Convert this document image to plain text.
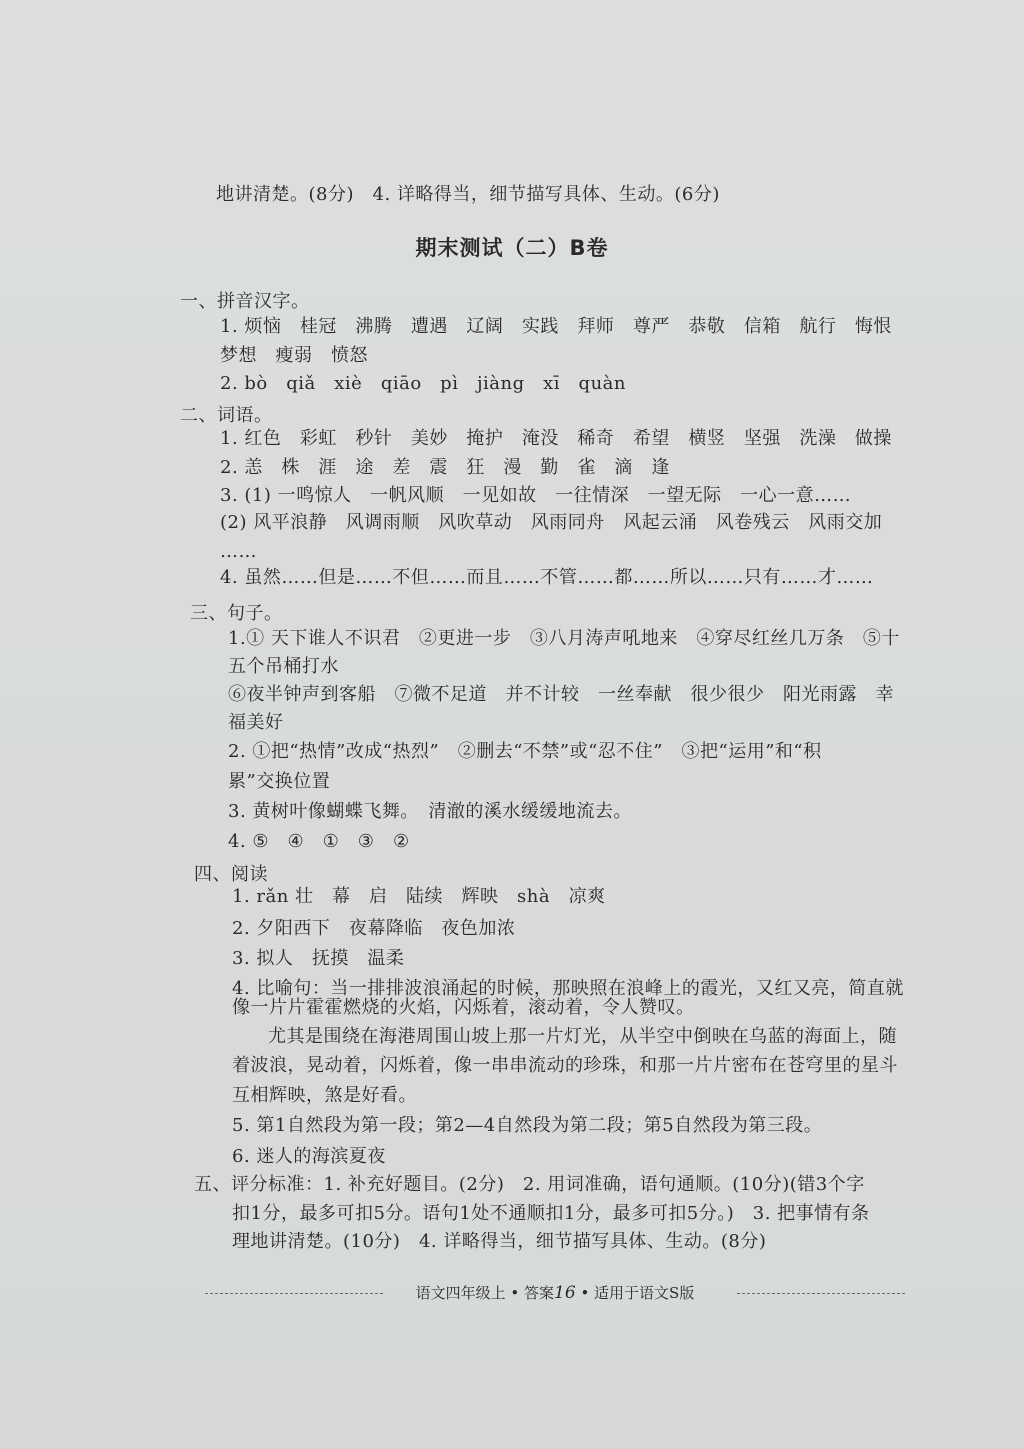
地讲清楚。(8分)　4. 详略得当，细节描写具体、生动。(6分)
期末测试（二）B卷
一、拼音汉字。
1. 烦恼　桂冠　沸腾　遭遇　辽阔　实践　拜师　尊严　恭敬　信箱　航行　悔恨
梦想　瘦弱　愤怒
2. bò　qiǎ　xiè　qiāo　pì　jiàng　xī　quàn
二、词语。
1. 红色　彩虹　秒针　美妙　掩护　淹没　稀奇　希望　横竖　坚强　洗澡　做操
2. 恙　株　涯　途　差　震　狂　漫　勤　雀　滴　逢
3. (1) 一鸣惊人　一帆风顺　一见如故　一往情深　一望无际　一心一意……
(2) 风平浪静　风调雨顺　风吹草动　风雨同舟　风起云涌　风卷残云　风雨交加
……
4. 虽然……但是……不但……而且……不管……都……所以……只有……才……
三、句子。
1.① 天下谁人不识君　②更进一步　③八月涛声吼地来　④穿尽红丝几万条　⑤十
五个吊桶打水
⑥夜半钟声到客船　⑦微不足道　并不计较　一丝奉献　很少很少　阳光雨露　幸
福美好
2. ①把“热情”改成“热烈”　②删去“不禁”或“忍不住”　③把“运用”和“积
累”交换位置
3. 黄树叶像蝴蝶飞舞。　清澈的溪水缓缓地流去。
4. ⑤　④　①　③　②
四、阅读
1. rǎn 壮　幕　启　陆续　辉映　shà　凉爽
2. 夕阳西下　夜幕降临　夜色加浓
3. 拟人　抚摸　温柔
4. 比喻句：当一排排波浪涌起的时候，那映照在浪峰上的霞光，又红又亮，简直就
像一片片霍霍燃烧的火焰，闪烁着，滚动着，令人赞叹。
尤其是围绕在海港周围山坡上那一片灯光，从半空中倒映在乌蓝的海面上，随
着波浪，晃动着，闪烁着，像一串串流动的珍珠，和那一片片密布在苍穹里的星斗
互相辉映，煞是好看。
5. 第1自然段为第一段；第2—4自然段为第二段；第5自然段为第三段。
6. 迷人的海滨夏夜
五、评分标准：1. 补充好题目。(2分)　2. 用词准确，语句通顺。(10分)(错3个字
扣1分，最多可扣5分。语句1处不通顺扣1分，最多可扣5分。)　3. 把事情有条
理地讲清楚。(10分)　4. 详略得当，细节描写具体、生动。(8分)
语文四年级上 • 答案16 • 适用于语文S版
